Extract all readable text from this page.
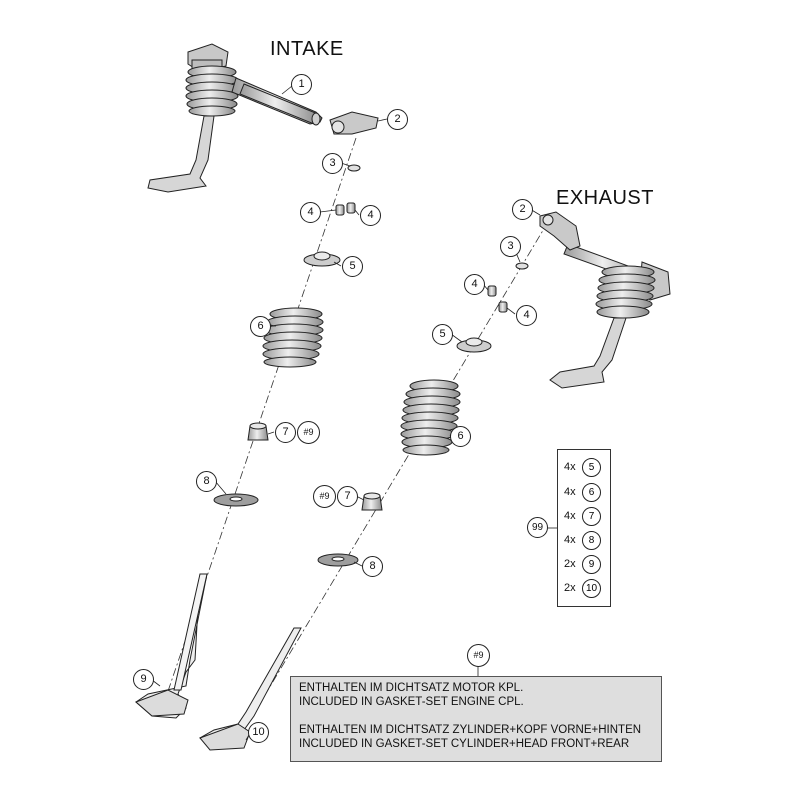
INTAKE
EXHAUST
1
2
3
4	4
5
6
7	#9
8
9
2
3
4
4
5
6
#9	7
8
10
99
4x	5
4x	6
4x	7
4x	8
2x	9
2x	10
#9
ENTHALTEN IM DICHTSATZ MOTOR KPL.
INCLUDED IN GASKET-SET ENGINE CPL.
ENTHALTEN IM DICHTSATZ ZYLINDER+KOPF VORNE+HINTEN
INCLUDED IN GASKET-SET CYLINDER+HEAD FRONT+REAR
